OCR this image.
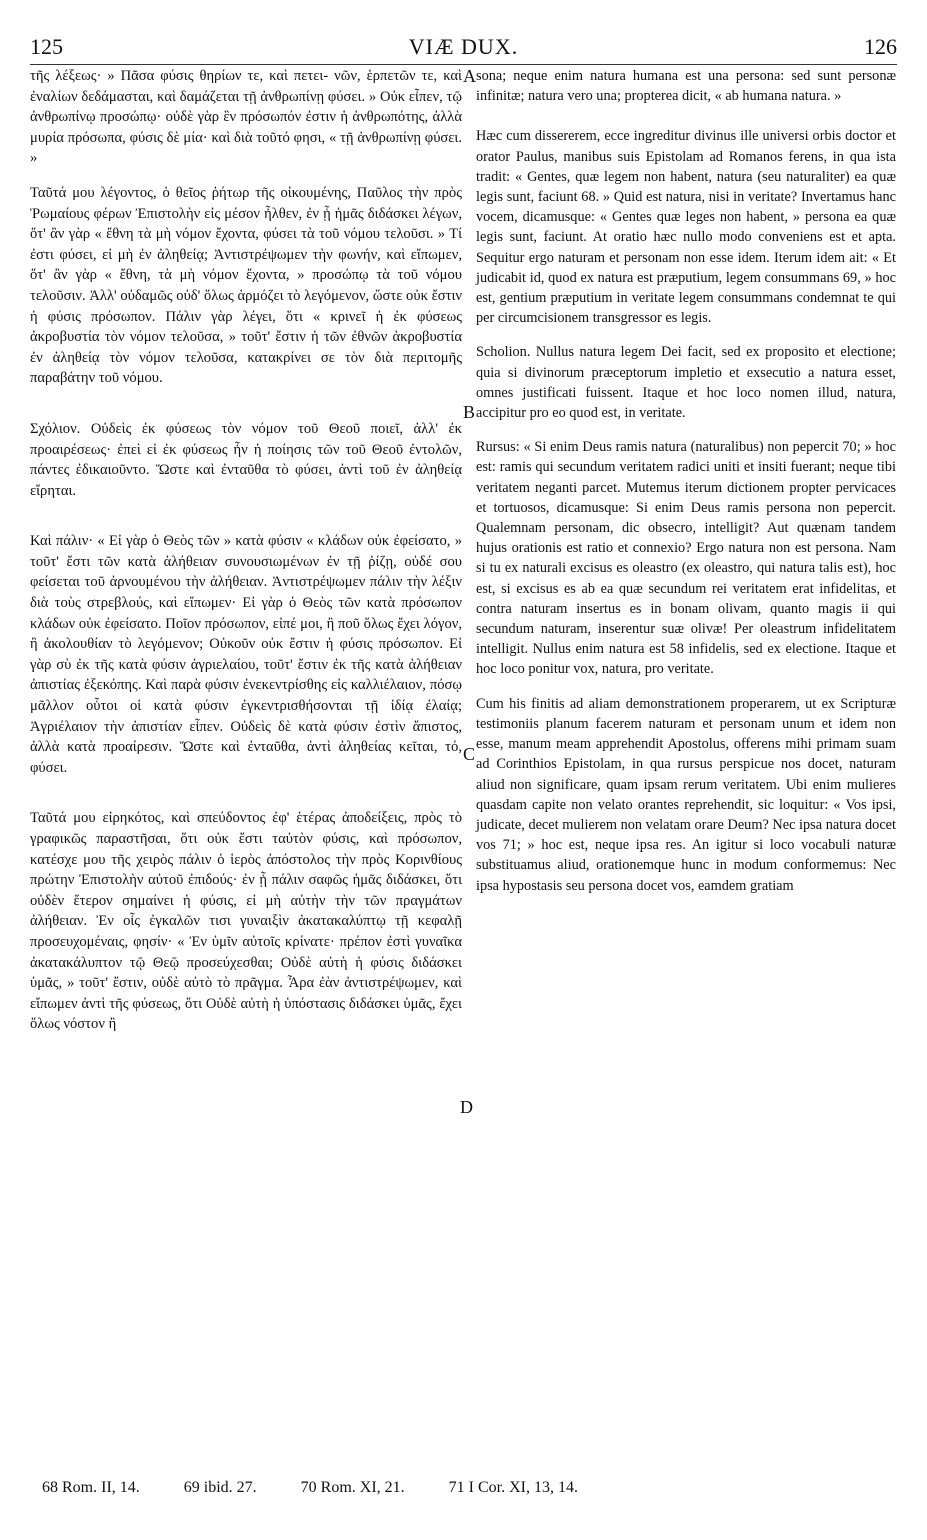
125	VIÆ DUX.	126
A
B
C
D

τῆς λέξεως· » Πᾶσα φύσις θηρίων τε, καὶ πετει- νῶν, ἑρπετῶν τε, καὶ ἐναλίων δεδάμασται, καὶ δαμάζεται τῇ ἀνθρωπίνῃ φύσει. » Οὐκ εἶπεν, τῷ ἀνθρωπίνῳ προσώπῳ· οὐδὲ γὰρ ἓν πρόσωπόν ἐστιν ἡ ἀνθρωπότης, ἀλλὰ μυρία πρόσωπα, φύσις δὲ μία· καὶ διὰ τοῦτό φησι, « τῇ ἀνθρωπίνῃ φύσει. »

Ταῦτά μου λέγοντος, ὁ θεῖος ῥήτωρ τῆς οἰκουμένης, Παῦλος τὴν πρὸς Ῥωμαίους φέρων Ἐπιστολὴν εἰς μέσον ἦλθεν, ἐν ᾗ ἡμᾶς διδάσκει λέγων, ὅτ' ἂν γὰρ « ἔθνη τὰ μὴ νόμον ἔχοντα, φύσει τὰ τοῦ νόμου τελοῦσι. » Τί ἐστι φύσει, εἰ μὴ ἐν ἀληθείᾳ; Ἀντιστρέψωμεν τὴν φωνήν, καὶ εἴπωμεν, ὅτ' ἂν γὰρ « ἔθνη, τὰ μὴ νόμον ἔχοντα, » προσώπῳ τὰ τοῦ νόμου τελοῦσιν. Ἀλλ' οὐδαμῶς οὐδ' ὅλως ἁρμόζει τὸ λεγόμενον, ὥστε οὐκ ἔστιν ἡ φύσις πρόσωπον. Πάλιν γὰρ λέγει, ὅτι « κρινεῖ ἡ ἐκ φύσεως ἀκροβυστία τὸν νόμον τελοῦσα, » τοῦτ' ἔστιν ἡ τῶν ἐθνῶν ἀκροβυστία ἐν ἀληθείᾳ τὸν νόμον τελοῦσα, κατακρίνει σε τὸν διὰ περιτομῆς παραβάτην τοῦ νόμου.

Σχόλιον. Οὐδεὶς ἐκ φύσεως τὸν νόμον τοῦ Θεοῦ ποιεῖ, ἀλλ' ἐκ προαιρέσεως· ἐπεὶ εἰ ἐκ φύσεως ἦν ἡ ποίησις τῶν τοῦ Θεοῦ ἐντολῶν, πάντες ἐδικαιοῦντο. Ὥστε καὶ ἐνταῦθα τὸ φύσει, ἀντὶ τοῦ ἐν ἀληθείᾳ εἴρηται.

Καὶ πάλιν· « Εἰ γὰρ ὁ Θεὸς τῶν » κατὰ φύσιν « κλάδων οὐκ ἐφείσατο, » τοῦτ' ἔστι τῶν κατὰ ἀλήθειαν συνουσιωμένων ἐν τῇ ῥίζῃ, οὐδέ σου φείσεται τοῦ ἀρνουμένου τὴν ἀλήθειαν. Ἀντιστρέψωμεν πάλιν τὴν λέξιν διὰ τοὺς στρεβλούς, καὶ εἴπωμεν· Εἰ γὰρ ὁ Θεὸς τῶν κατὰ πρόσωπον κλάδων οὐκ ἐφείσατο. Ποῖον πρόσωπον, εἰπέ μοι, ἢ ποῦ ὅλως ἔχει λόγον, ἢ ἀκολουθίαν τὸ λεγόμενον; Οὐκοῦν οὐκ ἔστιν ἡ φύσις πρόσωπον. Εἰ γὰρ σὺ ἐκ τῆς κατὰ φύσιν ἀγριελαίου, τοῦτ' ἔστιν ἐκ τῆς κατὰ ἀλήθειαν ἀπιστίας ἐξεκόπης. Καὶ παρὰ φύσιν ἐνεκεντρίσθης εἰς καλλιέλαιον, πόσῳ μᾶλλον οὗτοι οἱ κατὰ φύσιν ἐγκεντρισθήσονται τῇ ἰδίᾳ ἐλαίᾳ; Ἀγριέλαιον τὴν ἀπιστίαν εἶπεν. Οὐδεὶς δὲ κατὰ φύσιν ἐστὶν ἄπιστος, ἀλλὰ κατὰ προαίρεσιν. Ὥστε καὶ ἐνταῦθα, ἀντὶ ἀληθείας κεῖται, τό, φύσει.

Ταῦτά μου εἰρηκότος, καὶ σπεύδοντος ἐφ' ἑτέρας ἀποδείξεις, πρὸς τὸ γραφικῶς παραστῆσαι, ὅτι οὐκ ἔστι ταὐτὸν φύσις, καὶ πρόσωπον, κατέσχε μου τῆς χειρὸς πάλιν ὁ ἱερὸς ἀπόστολος τὴν πρὸς Κορινθίους πρώτην Ἐπιστολὴν αὐτοῦ ἐπιδούς· ἐν ᾗ πάλιν σαφῶς ἡμᾶς διδάσκει, ὅτι οὐδὲν ἕτερον σημαίνει ἡ φύσις, εἰ μὴ αὐτὴν τὴν τῶν πραγμάτων ἀλήθειαν. Ἐν οἷς ἐγκαλῶν τισι γυναιξὶν ἀκατακαλύπτῳ τῇ κεφαλῇ προσευχομέναις, φησίν· « Ἐν ὑμῖν αὐτοῖς κρίνατε· πρέπον ἐστὶ γυναῖκα ἀκατακάλυπτον τῷ Θεῷ προσεύχεσθαι; Οὐδὲ αὐτὴ ἡ φύσις διδάσκει ὑμᾶς, » τοῦτ' ἔστιν, οὐδὲ αὐτὸ τὸ πρᾶγμα. Ἆρα ἐὰν ἀντιστρέψωμεν, καὶ εἴπωμεν ἀντὶ τῆς φύσεως, ὅτι Οὐδὲ αὐτὴ ἡ ὑπόστασις διδάσκει ὑμᾶς, ἔχει ὅλως νόστον ἢ

sona; neque enim natura humana est una persona: sed sunt personæ infinitæ; natura vero una; propterea dicit, « ab humana natura. »

Hæc cum dissererem, ecce ingreditur divinus ille universi orbis doctor et orator Paulus, manibus suis Epistolam ad Romanos ferens, in qua ista tradit: « Gentes, quæ legem non habent, natura (seu naturaliter) ea quæ legis sunt, faciunt 68. » Quid est natura, nisi in veritate? Invertamus hanc vocem, dicamusque: « Gentes quæ leges non habent, » persona ea quæ legis sunt, faciunt. At oratio hæc nullo modo conveniens est et apta. Sequitur ergo naturam et personam non esse idem. Iterum idem ait: « Et judicabit id, quod ex natura est præputium, legem consummans 69, » hoc est, gentium præputium in veritate legem consummans condemnat te qui per circumcisionem transgressor es legis.

Scholion. Nullus natura legem Dei facit, sed ex proposito et electione; quia si divinorum præceptorum impletio et exsecutio a natura esset, omnes justificati fuissent. Itaque et hoc loco nomen illud, natura, accipitur pro eo quod est, in veritate.

Rursus: « Si enim Deus ramis natura (naturalibus) non pepercit 70; » hoc est: ramis qui secundum veritatem radici uniti et insiti fuerant; neque tibi veritatem neganti parcet. Mutemus iterum dictionem propter pervicaces et tortuosos, dicamusque: Si enim Deus ramis persona non pepercit. Qualemnam personam, dic obsecro, intelligit? Aut quænam tandem hujus orationis est ratio et connexio? Ergo natura non est persona. Nam si tu ex naturali excisus es oleastro (ex oleastro, qui natura talis est), hoc est, si excisus es ab ea quæ secundum rei veritatem erat infidelitas, et contra naturam insertus es in bonam olivam, quanto magis ii qui secundum naturam, inserentur suæ olivæ! Per oleastrum infidelitatem intelligit. Nullus enim natura est 58 infidelis, sed ex electione. Itaque et hoc loco ponitur vox, natura, pro veritate.

Cum his finitis ad aliam demonstrationem properarem, ut ex Scripturæ testimoniis planum facerem naturam et personam unum et idem non esse, manum meam apprehendit Apostolus, offerens mihi primam suam ad Corinthios Epistolam, in qua rursus perspicue nos docet, naturam aliud non significare, quam ipsam rerum veritatem. Ubi enim mulieres quasdam capite non velato orantes reprehendit, sic loquitur: « Vos ipsi, judicate, decet mulierem non velatam orare Deum? Nec ipsa natura docet vos 71; » hoc est, neque ipsa res. An igitur si loco vocabuli naturæ substituamus aliud, orationemque hunc in modum conformemus: Nec ipsa hypostasis seu persona docet vos, eamdem gratiam

68 Rom. II, 14.	69 ibid. 27.	70 Rom. XI, 21.	71 I Cor. XI, 13, 14.
